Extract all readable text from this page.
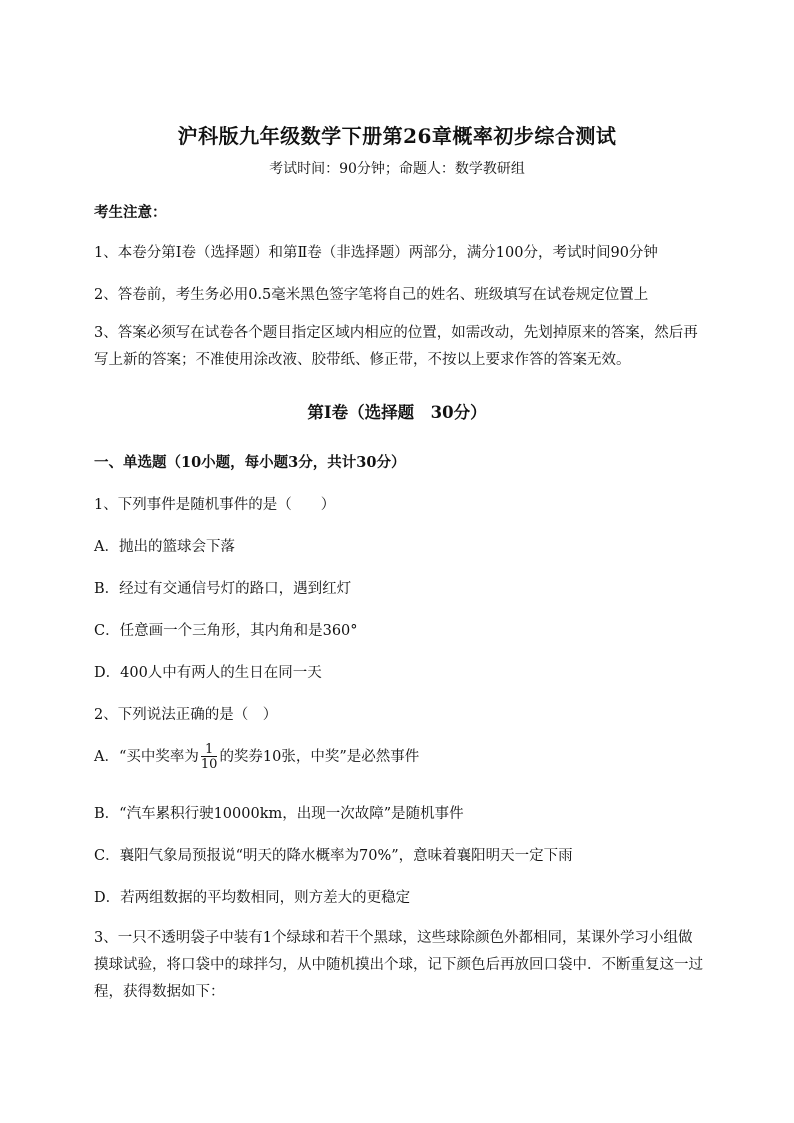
沪科版九年级数学下册第26章概率初步综合测试
考试时间：90分钟；命题人：数学教研组
考生注意：
1、本卷分第Ⅰ卷（选择题）和第Ⅱ卷（非选择题）两部分，满分100分，考试时间90分钟
2、答卷前，考生务必用0.5毫米黑色签字笔将自己的姓名、班级填写在试卷规定位置上
3、答案必须写在试卷各个题目指定区域内相应的位置，如需改动，先划掉原来的答案，然后再写上新的答案；不准使用涂改液、胶带纸、修正带，不按以上要求作答的答案无效。
第Ⅰ卷（选择题　30分）
一、单选题（10小题，每小题3分，共计30分）
1、下列事件是随机事件的是（　　）
A．抛出的篮球会下落
B．经过有交通信号灯的路口，遇到红灯
C．任意画一个三角形，其内角和是360°
D．400人中有两人的生日在同一天
2、下列说法正确的是（　）
A．“买中奖率为 $\frac{1}{10}$ 的奖券10张，中奖”是必然事件
B．“汽车累积行驶10000km，出现一次故障”是随机事件
C．襄阳气象局预报说“明天的降水概率为70%”，意味着襄阳明天一定下雨
D．若两组数据的平均数相同，则方差大的更稳定
3、一只不透明袋子中装有1个绿球和若干个黑球，这些球除颜色外都相同，某课外学习小组做摸球试验，将口袋中的球拌匀，从中随机摸出个球，记下颜色后再放回口袋中．不断重复这一过程，获得数据如下：
